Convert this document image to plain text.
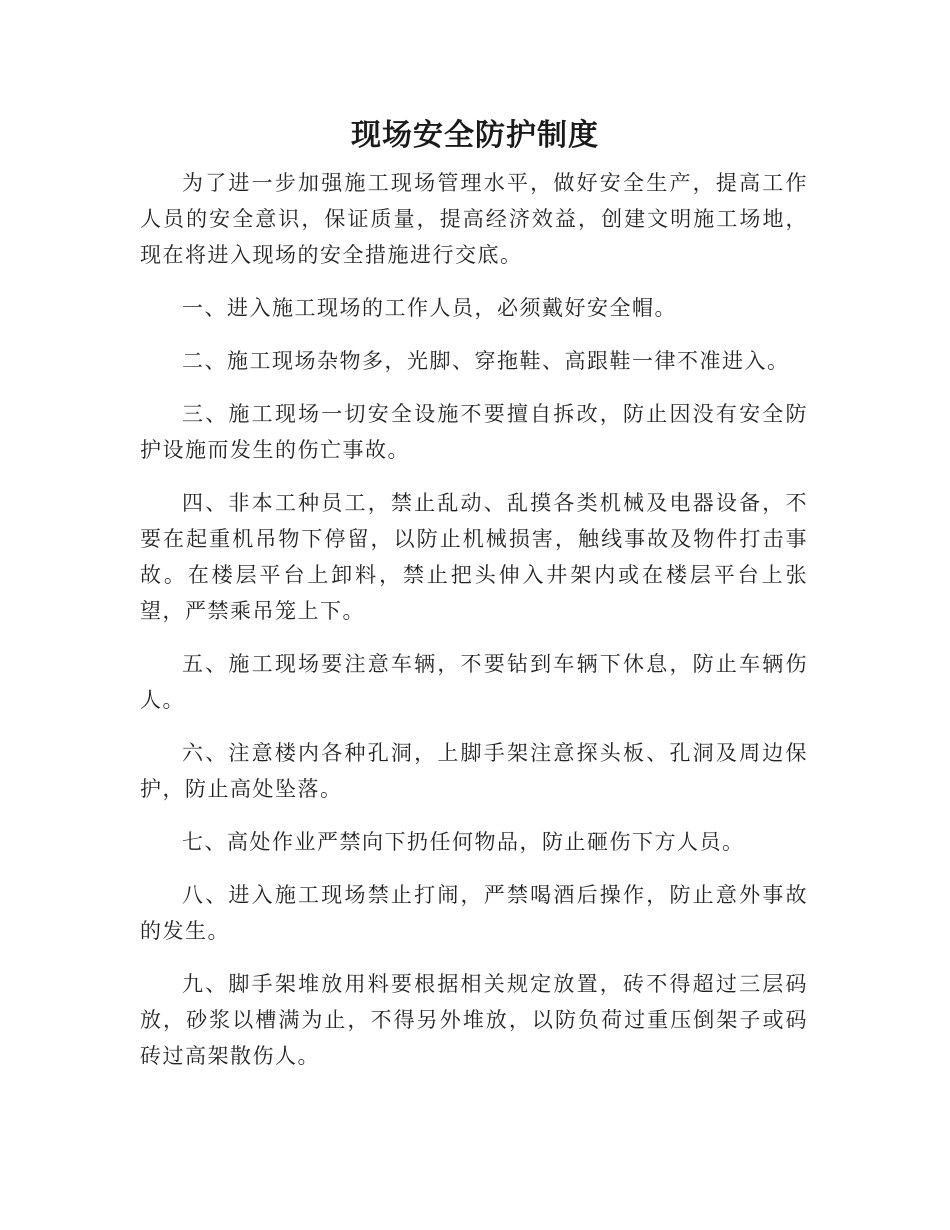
现场安全防护制度

为了进一步加强施工现场管理水平，做好安全生产，提高工作人员的安全意识，保证质量，提高经济效益，创建文明施工场地，现在将进入现场的安全措施进行交底。

一、进入施工现场的工作人员，必须戴好安全帽。

二、施工现场杂物多，光脚、穿拖鞋、高跟鞋一律不准进入。

三、施工现场一切安全设施不要擅自拆改，防止因没有安全防护设施而发生的伤亡事故。

四、非本工种员工，禁止乱动、乱摸各类机械及电器设备，不要在起重机吊物下停留，以防止机械损害，触线事故及物件打击事故。在楼层平台上卸料，禁止把头伸入井架内或在楼层平台上张望，严禁乘吊笼上下。

五、施工现场要注意车辆，不要钻到车辆下休息，防止车辆伤人。

六、注意楼内各种孔洞，上脚手架注意探头板、孔洞及周边保护，防止高处坠落。

七、高处作业严禁向下扔任何物品，防止砸伤下方人员。

八、进入施工现场禁止打闹，严禁喝酒后操作，防止意外事故的发生。

九、脚手架堆放用料要根据相关规定放置，砖不得超过三层码放，砂浆以槽满为止，不得另外堆放，以防负荷过重压倒架子或码砖过高架散伤人。
